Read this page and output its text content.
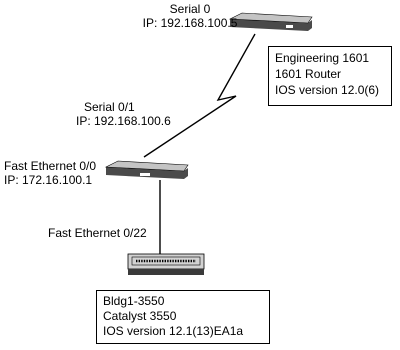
Serial 0
IP: 192.168.100.5
Engineering 1601
1601 Router
IOS version 12.0(6)
Serial 0/1
IP: 192.168.100.6
Fast Ethernet 0/0
IP: 172.16.100.1
Fast Ethernet 0/22
Bldg1-3550
Catalyst 3550
IOS version 12.1(13)EA1a
